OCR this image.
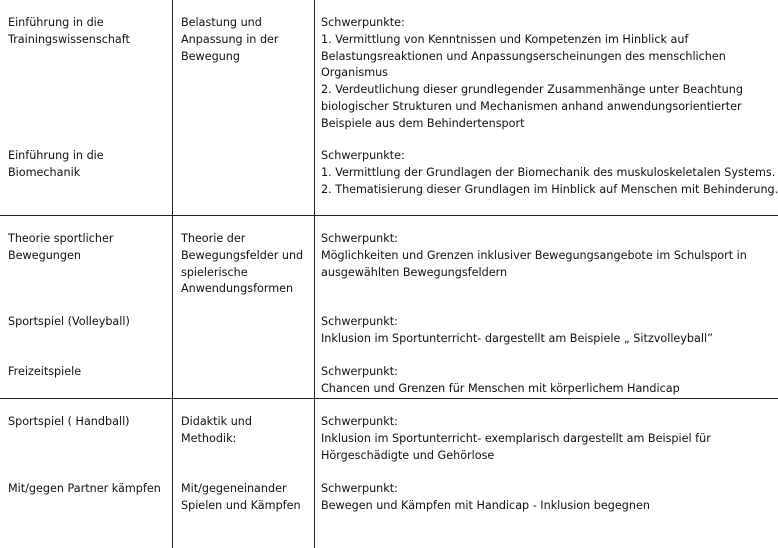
Einführung in die
Trainingswissenschaft
Einführung in die
Biomechanik
Belastung und
Anpassung in der
Bewegung
Schwerpunkte:
1. Vermittlung von Kenntnissen und Kompetenzen im Hinblick auf
Belastungsreaktionen und Anpassungserscheinungen des menschlichen
Organismus
2. Verdeutlichung dieser grundlegender Zusammenhänge unter Beachtung
biologischer Strukturen und Mechanismen anhand anwendungsorientierter
Beispiele aus dem Behindertensport
Schwerpunkte:
1. Vermittlung der Grundlagen der Biomechanik des muskuloskeletalen Systems.
2. Thematisierung dieser Grundlagen im Hinblick auf Menschen mit Behinderung.
Theorie sportlicher
Bewegungen
Sportspiel (Volleyball)
Freizeitspiele
Theorie der
Bewegungsfelder und
spielerische
Anwendungsformen
Schwerpunkt:
Möglichkeiten und Grenzen inklusiver Bewegungsangebote im Schulsport in
ausgewählten Bewegungsfeldern
Schwerpunkt:
Inklusion im Sportunterricht- dargestellt am Beispiele „ Sitzvolleyball”
Schwerpunkt:
Chancen und Grenzen für Menschen mit körperlichem Handicap
Sportspiel ( Handball)
Mit/gegen Partner kämpfen
Didaktik und
Methodik:
Mit/gegeneinander
Spielen und Kämpfen
Schwerpunkt:
Inklusion im Sportunterricht- exemplarisch dargestellt am Beispiel für
Hörgeschädigte und Gehörlose
Schwerpunkt:
Bewegen und Kämpfen mit Handicap - Inklusion begegnen
